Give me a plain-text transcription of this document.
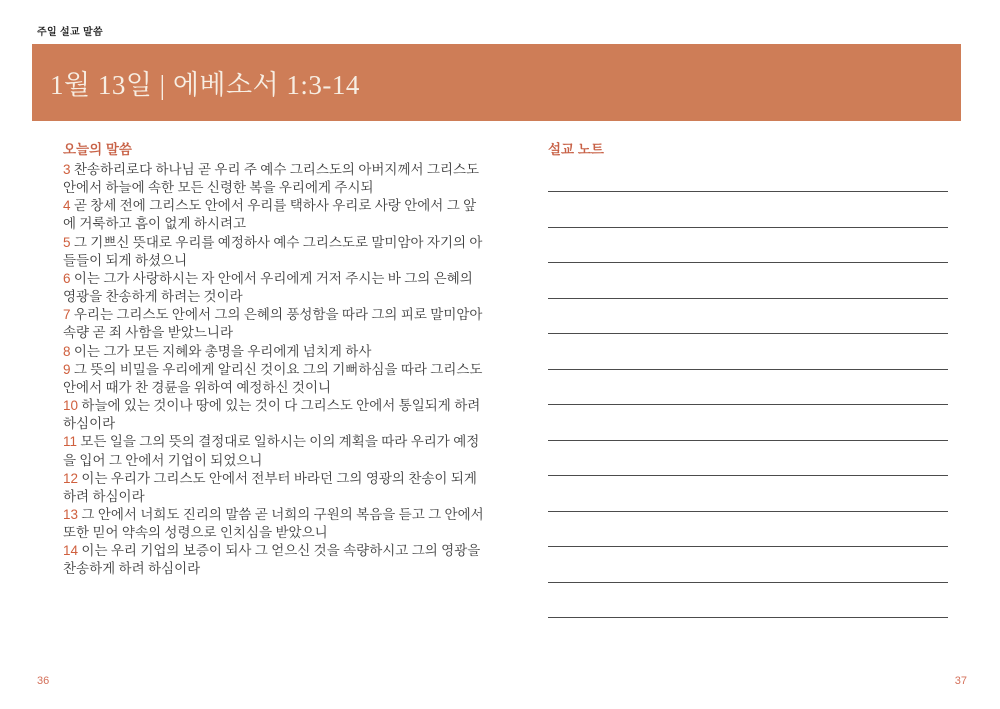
주일 설교 말씀
1월 13일 | 에베소서 1:3-14
오늘의 말씀

3 찬송하리로다 하나님 곧 우리 주 예수 그리스도의 아버지께서 그리스도 안에서 하늘에 속한 모든 신령한 복을 우리에게 주시되

4 곧 창세 전에 그리스도 안에서 우리를 택하사 우리로 사랑 안에서 그 앞에 거룩하고 흠이 없게 하시려고

5 그 기쁘신 뜻대로 우리를 예정하사 예수 그리스도로 말미암아 자기의 아들들이 되게 하셨으니

6 이는 그가 사랑하시는 자 안에서 우리에게 거저 주시는 바 그의 은혜의 영광을 찬송하게 하려는 것이라

7 우리는 그리스도 안에서 그의 은혜의 풍성함을 따라 그의 피로 말미암아 속량 곧 죄 사함을 받았느니라

8 이는 그가 모든 지혜와 총명을 우리에게 넘치게 하사

9 그 뜻의 비밀을 우리에게 알리신 것이요 그의 기뻐하심을 따라 그리스도 안에서 때가 찬 경륜을 위하여 예정하신 것이니

10 하늘에 있는 것이나 땅에 있는 것이 다 그리스도 안에서 통일되게 하려 하심이라

11 모든 일을 그의 뜻의 결정대로 일하시는 이의 계획을 따라 우리가 예정을 입어 그 안에서 기업이 되었으니

12 이는 우리가 그리스도 안에서 전부터 바라던 그의 영광의 찬송이 되게 하려 하심이라

13 그 안에서 너희도 진리의 말씀 곧 너희의 구원의 복음을 듣고 그 안에서 또한 믿어 약속의 성령으로 인치심을 받았으니

14 이는 우리 기업의 보증이 되사 그 얻으신 것을 속량하시고 그의 영광을 찬송하게 하려 하심이라

설교 노트
36	37
